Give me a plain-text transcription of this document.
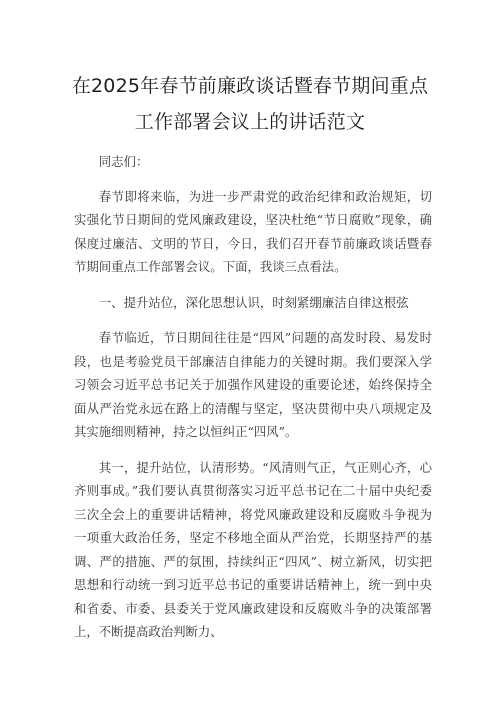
在2025年春节前廉政谈话暨春节期间重点
工作部署会议上的讲话范文

同志们：

春节即将来临，为进一步严肃党的政治纪律和政治规矩，切实强化节日期间的党风廉政建设，坚决杜绝“节日腐败”现象，确保度过廉洁、文明的节日，今日，我们召开春节前廉政谈话暨春节期间重点工作部署会议。下面，我谈三点看法。

一、提升站位，深化思想认识，时刻紧绷廉洁自律这根弦

春节临近，节日期间往往是“四风”问题的高发时段、易发时段，也是考验党员干部廉洁自律能力的关键时期。我们要深入学习领会习近平总书记关于加强作风建设的重要论述，始终保持全面从严治党永远在路上的清醒与坚定，坚决贯彻中央八项规定及其实施细则精神，持之以恒纠正“四风”。

其一，提升站位，认清形势。“风清则气正，气正则心齐，心齐则事成。”我们要认真贯彻落实习近平总书记在二十届中央纪委三次全会上的重要讲话精神，将党风廉政建设和反腐败斗争视为一项重大政治任务，坚定不移地全面从严治党，长期坚持严的基调、严的措施、严的氛围，持续纠正“四风”、树立新风，切实把思想和行动统一到习近平总书记的重要讲话精神上，统一到中央和省委、市委、县委关于党风廉政建设和反腐败斗争的决策部署上，不断提高政治判断力、
